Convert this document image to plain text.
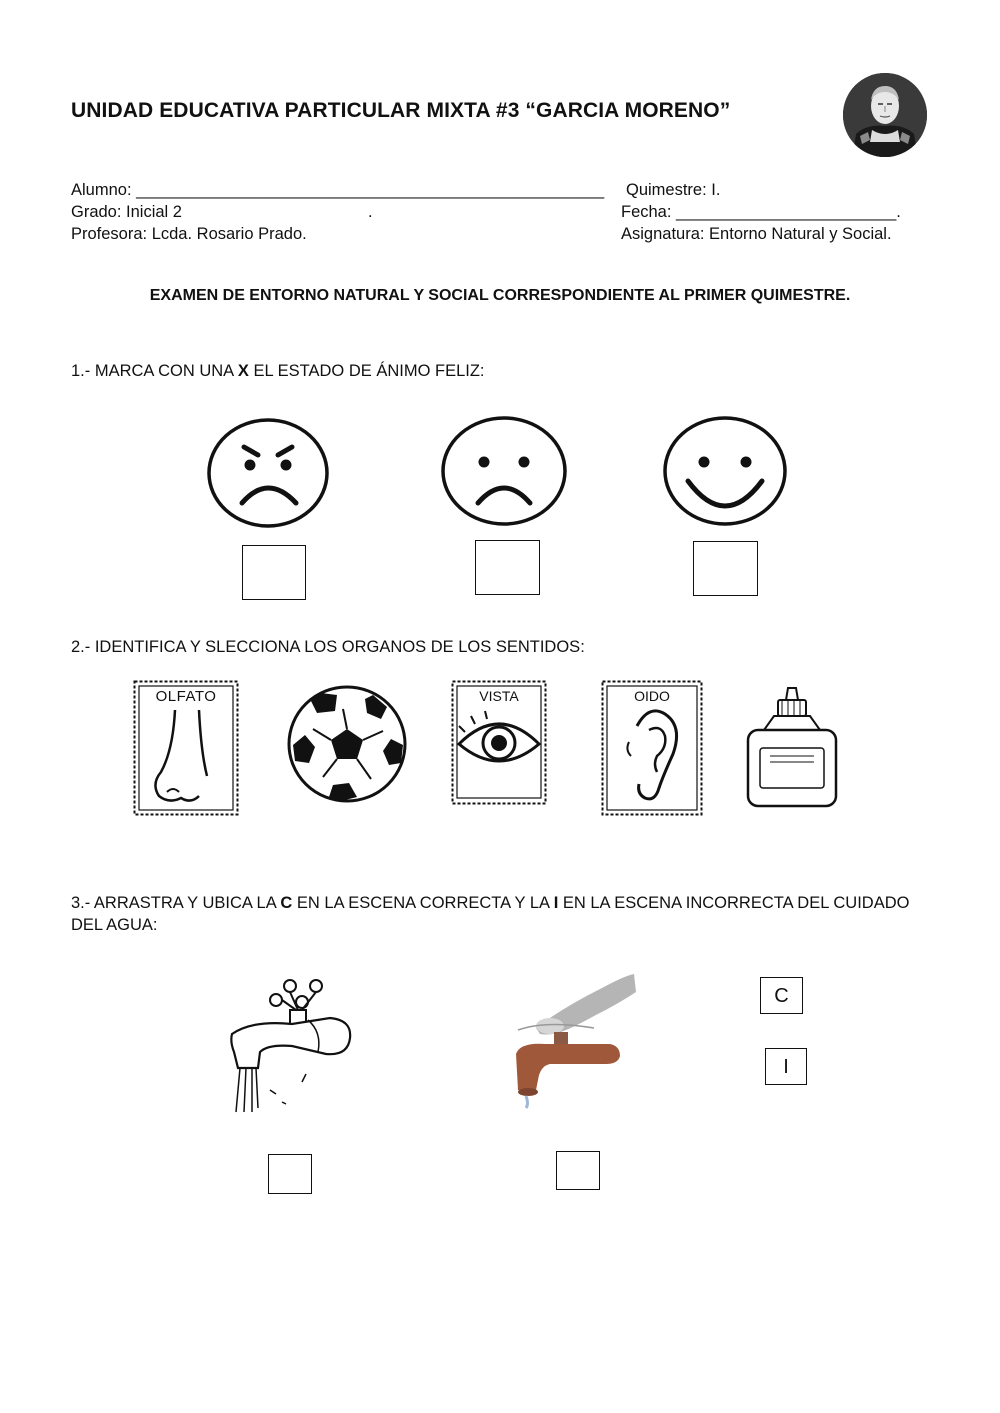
UNIDAD EDUCATIVA PARTICULAR MIXTA #3 “GARCIA MORENO”
Alumno: ___________________________________________________ Quimestre: I.
Grado: Inicial 2	.	Fecha: ________________________.
Profesora: Lcda. Rosario Prado.	Asignatura: Entorno Natural y Social.
EXAMEN DE ENTORNO NATURAL Y SOCIAL CORRESPONDIENTE AL PRIMER QUIMESTRE.
1.- MARCA CON UNA X EL ESTADO DE ÁNIMO FELIZ:
2.- IDENTIFICA Y SLECCIONA LOS ORGANOS DE LOS SENTIDOS:
OLFATO	VISTA	OIDO
3.- ARRASTRA Y UBICA LA C EN LA ESCENA CORRECTA Y LA I EN LA ESCENA INCORRECTA DEL CUIDADO DEL AGUA:
C
I
